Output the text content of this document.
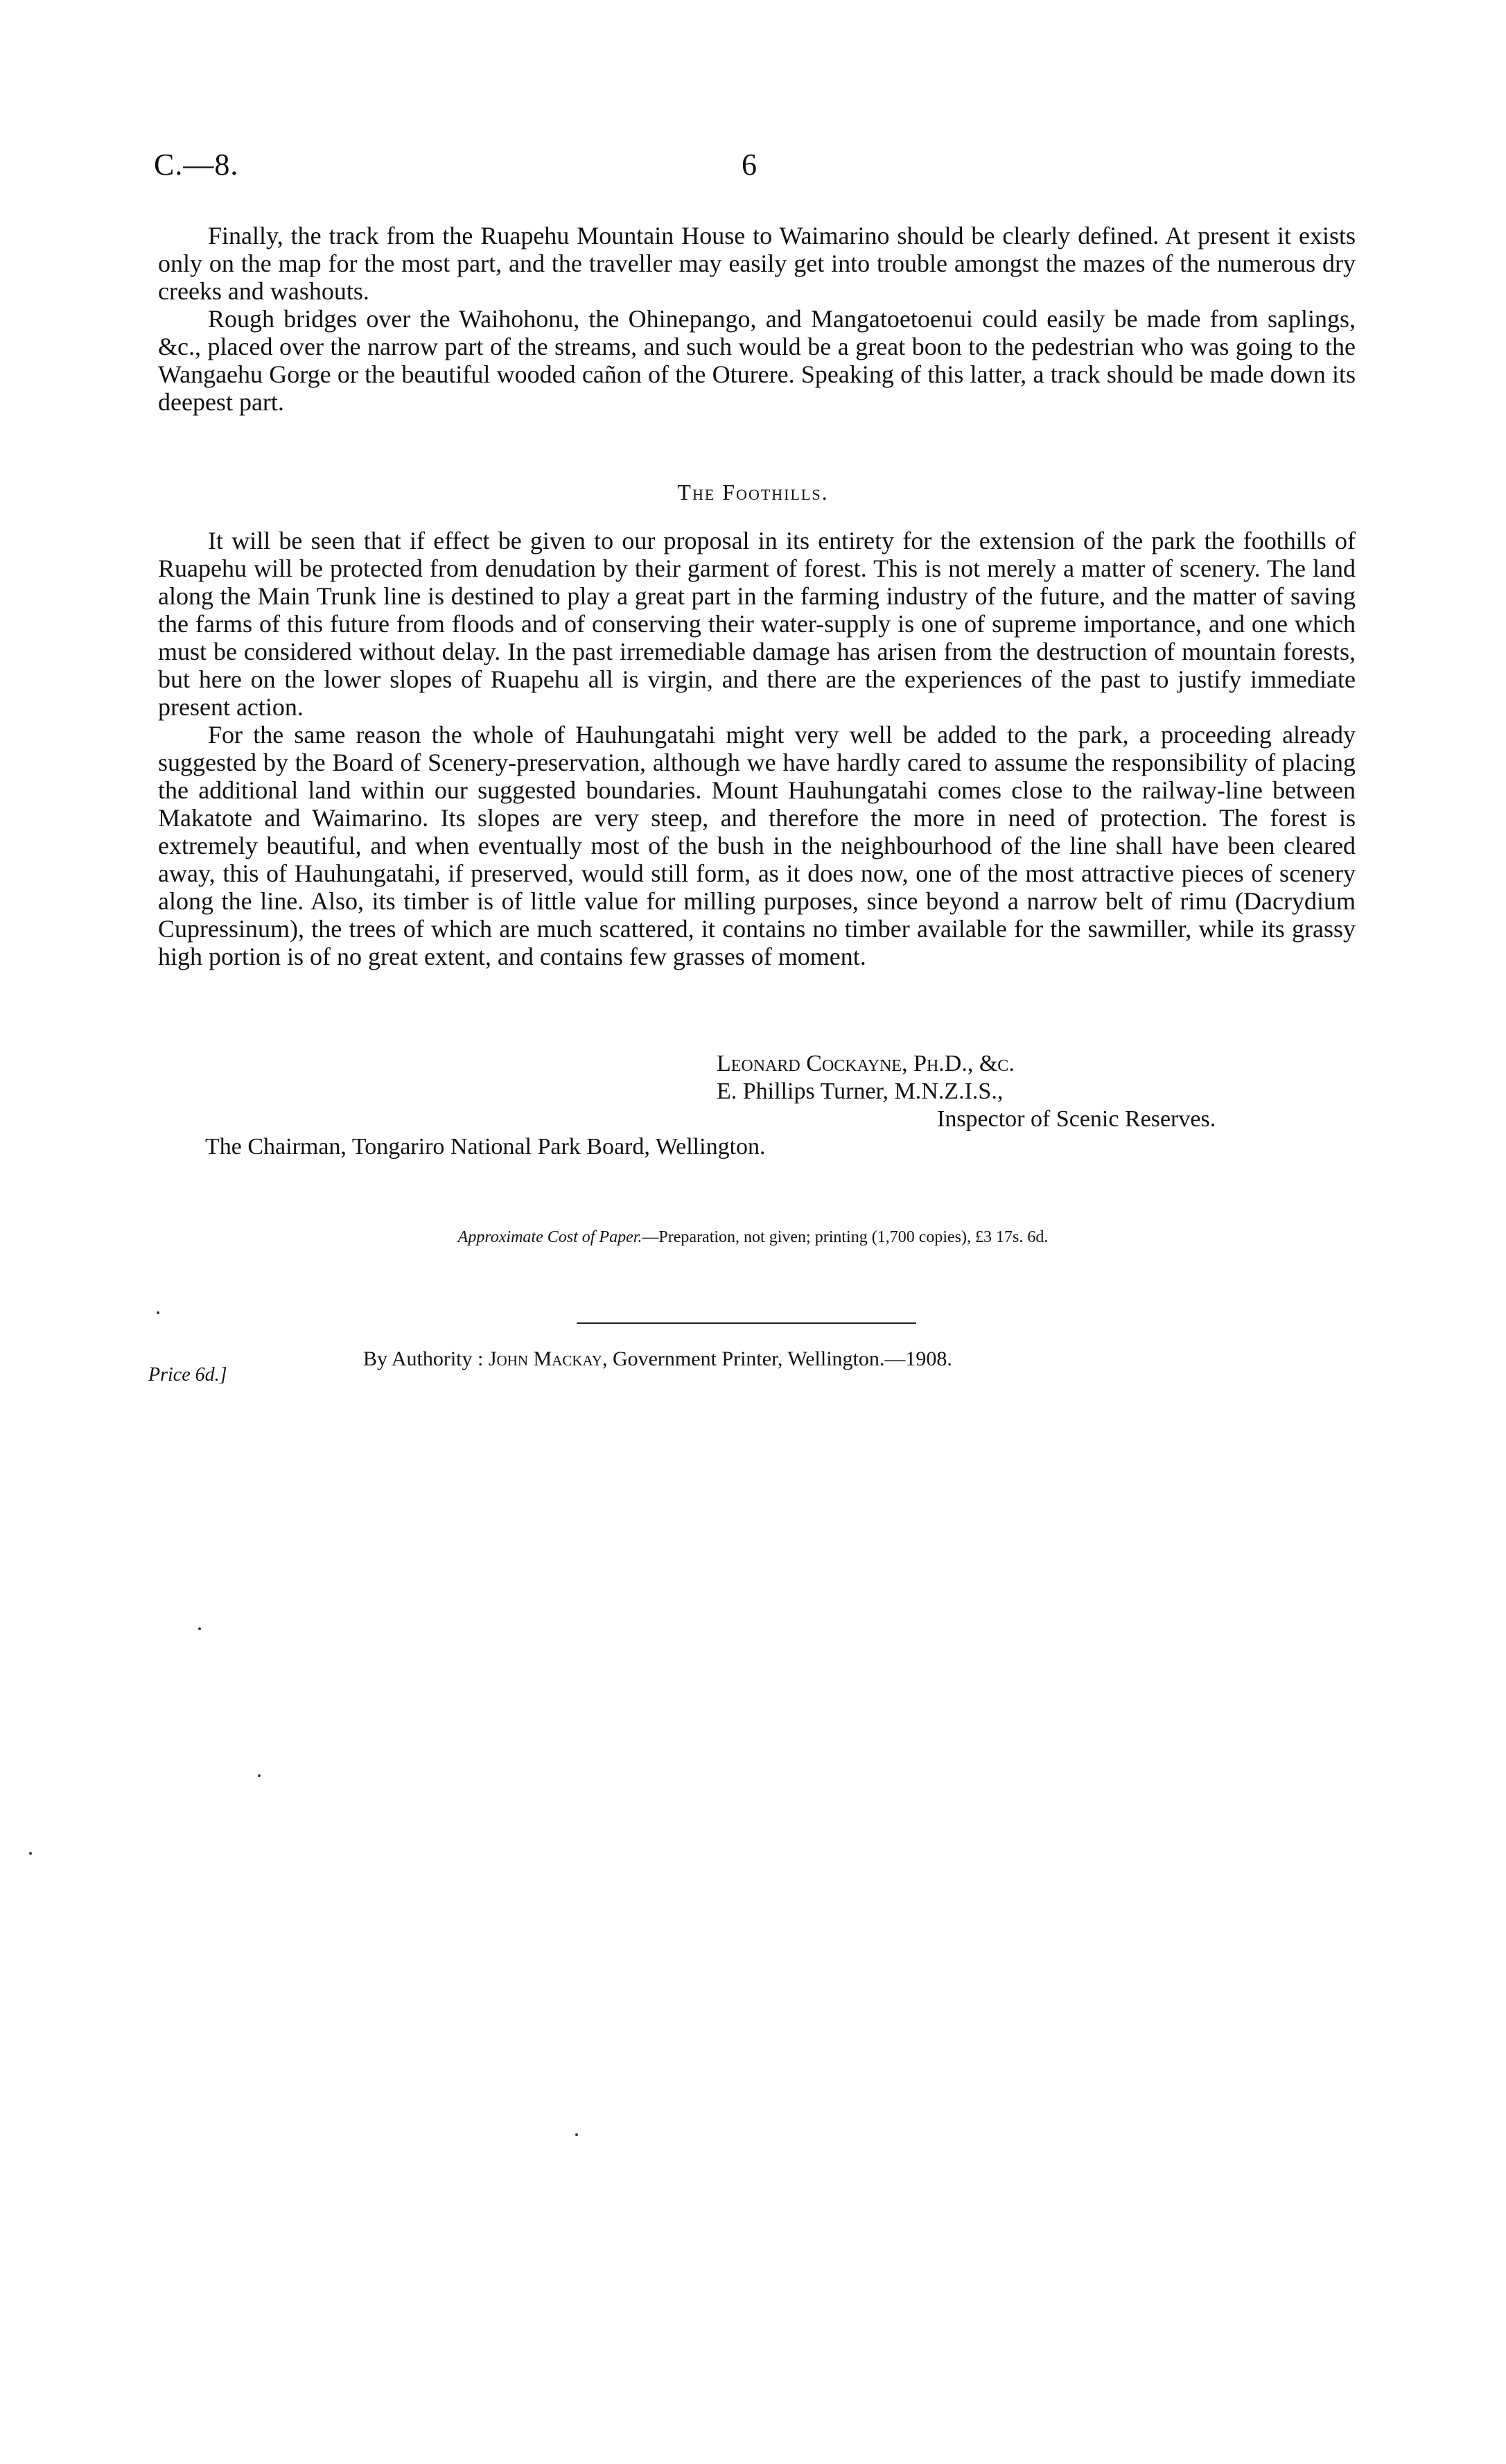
C.—8.	6

Finally, the track from the Ruapehu Mountain House to Waimarino should be clearly defined. At present it exists only on the map for the most part, and the traveller may easily get into trouble amongst the mazes of the numerous dry creeks and washouts.

Rough bridges over the Waihohonu, the Ohinepango, and Mangatoetoenui could easily be made from saplings, &c., placed over the narrow part of the streams, and such would be a great boon to the pedestrian who was going to the Wangaehu Gorge or the beautiful wooded cañon of the Oturere. Speaking of this latter, a track should be made down its deepest part.

The Foothills.

It will be seen that if effect be given to our proposal in its entirety for the extension of the park the foothills of Ruapehu will be protected from denudation by their garment of forest. This is not merely a matter of scenery. The land along the Main Trunk line is destined to play a great part in the farming industry of the future, and the matter of saving the farms of this future from floods and of conserving their water-supply is one of supreme importance, and one which must be considered without delay. In the past irremediable damage has arisen from the destruction of mountain forests, but here on the lower slopes of Ruapehu all is virgin, and there are the experiences of the past to justify immediate present action.

For the same reason the whole of Hauhungatahi might very well be added to the park, a proceeding already suggested by the Board of Scenery-preservation, although we have hardly cared to assume the responsibility of placing the additional land within our suggested boundaries. Mount Hauhungatahi comes close to the railway-line between Makatote and Waimarino. Its slopes are very steep, and therefore the more in need of protection. The forest is extremely beautiful, and when eventually most of the bush in the neighbourhood of the line shall have been cleared away, this of Hauhungatahi, if preserved, would still form, as it does now, one of the most attractive pieces of scenery along the line. Also, its timber is of little value for milling purposes, since beyond a narrow belt of rimu (Dacrydium Cupressinum), the trees of which are much scattered, it contains no timber available for the sawmiller, while its grassy high portion is of no great extent, and contains few grasses of moment.

Leonard Cockayne, Ph.D., &c.
E. Phillips Turner, M.N.Z.I.S.,
Inspector of Scenic Reserves.
The Chairman, Tongariro National Park Board, Wellington.
Approximate Cost of Paper.—Preparation, not given; printing (1,700 copies), £3 17s. 6d.
By Authority : John Mackay, Government Printer, Wellington.—1908.
Price 6d.]
